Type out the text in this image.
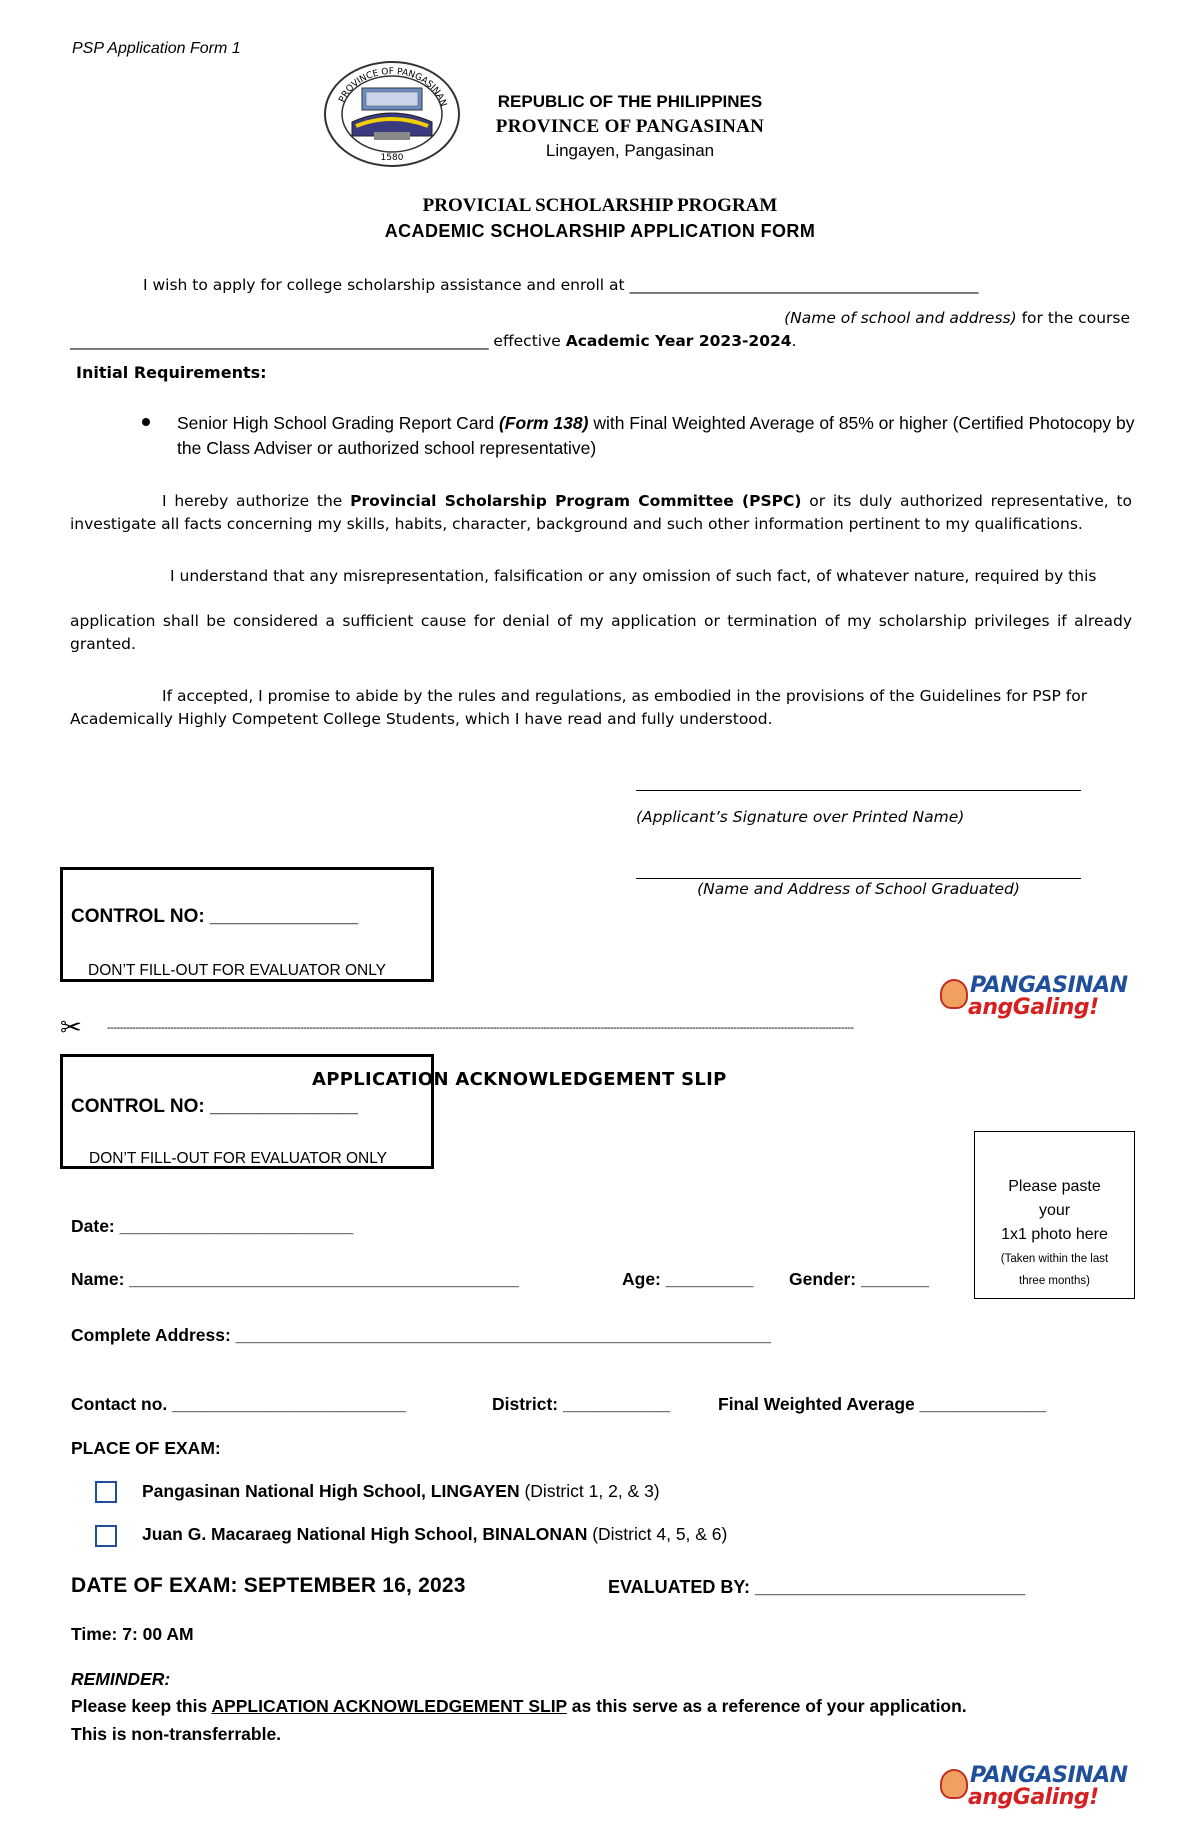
PSP Application Form 1
1580
PROVINCE OF PANGASINAN	REPUBLIC OF THE PHILIPPINES
PROVINCE OF PANGASINAN
Lingayen, Pangasinan
PROVICIAL SCHOLARSHIP PROGRAM
ACADEMIC SCHOLARSHIP APPLICATION FORM
I wish to apply for college scholarship assistance and enroll at _____________________________________________
(Name of school and address) for the course
______________________________________________________ effective Academic Year 2023-2024.
Initial Requirements:
Senior High School Grading Report Card (Form 138) with Final Weighted Average of 85% or higher (Certified Photocopy by the Class Adviser or authorized school representative)
I hereby authorize the Provincial Scholarship Program Committee (PSPC) or its duly authorized representative, to investigate all facts concerning my skills, habits, character, background and such other information pertinent to my qualifications.
I understand that any misrepresentation, falsification or any omission of such fact, of whatever nature, required by this
application shall be considered a sufficient cause for denial of my application or termination of my scholarship privileges if already granted.
If accepted, I promise to abide by the rules and regulations, as embodied in the provisions of the Guidelines for PSP for Academically Highly Competent College Students, which I have read and fully understood.
(Applicant’s Signature over Printed Name)
(Name and Address of School Graduated)
CONTROL NO: ______________
DON’T FILL-OUT FOR EVALUATOR ONLY
PANGASINAN
angGaling!
✂ --------------------------------------------------------------------------------------------------------------------------------------------------------------------------------------------------------------------------------------------
CONTROL NO: ______________
DON’T FILL-OUT FOR EVALUATOR ONLY
APPLICATION ACKNOWLEDGEMENT SLIP
Please paste
your
1x1 photo here
(Taken within the last
three months)
Date: ________________________
Name: ________________________________________	Age: _________ Gender: _______
Complete Address: _______________________________________________________
Contact no. ________________________	District: ___________	Final Weighted Average _____________
PLACE OF EXAM:
Pangasinan National High School, LINGAYEN (District 1, 2, & 3)
Juan G. Macaraeg National High School, BINALONAN (District 4, 5, & 6)
DATE OF EXAM: SEPTEMBER 16, 2023	EVALUATED BY: ___________________________
Time: 7: 00 AM
REMINDER:
Please keep this APPLICATION ACKNOWLEDGEMENT SLIP as this serve as a reference of your application.
This is non-transferrable.
PANGASINAN
angGaling!
